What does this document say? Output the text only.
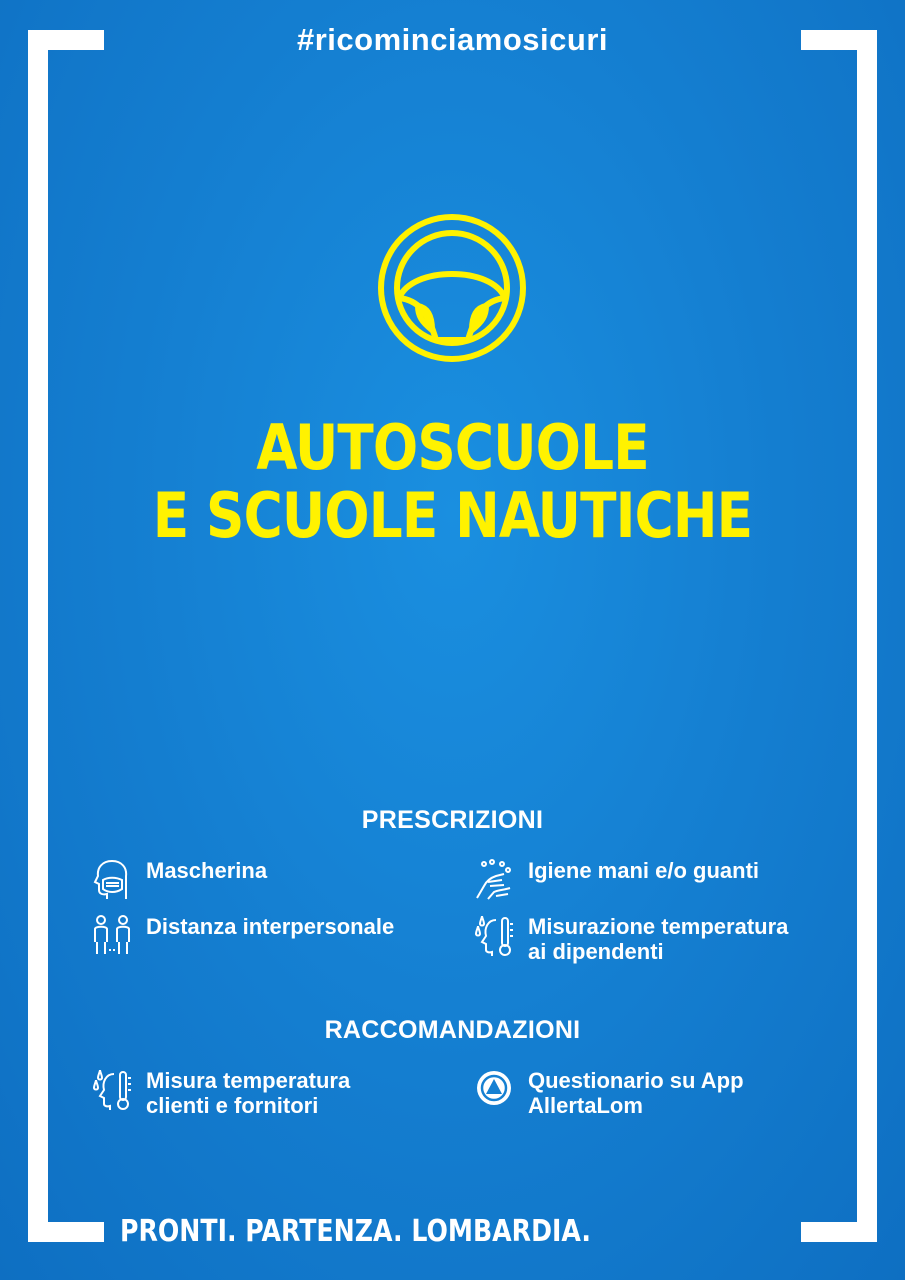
#ricominciamosicuri
AUTOSCUOLE
E SCUOLE NAUTICHE
PRESCRIZIONI
Mascherina	Igiene mani e/o guanti
Distanza interpersonale	Misurazione temperatura
ai dipendenti
RACCOMANDAZIONI
Misura temperatura
clienti e fornitori
Questionario su App
AllertaLom
PRONTI. PARTENZA. LOMBARDIA.
